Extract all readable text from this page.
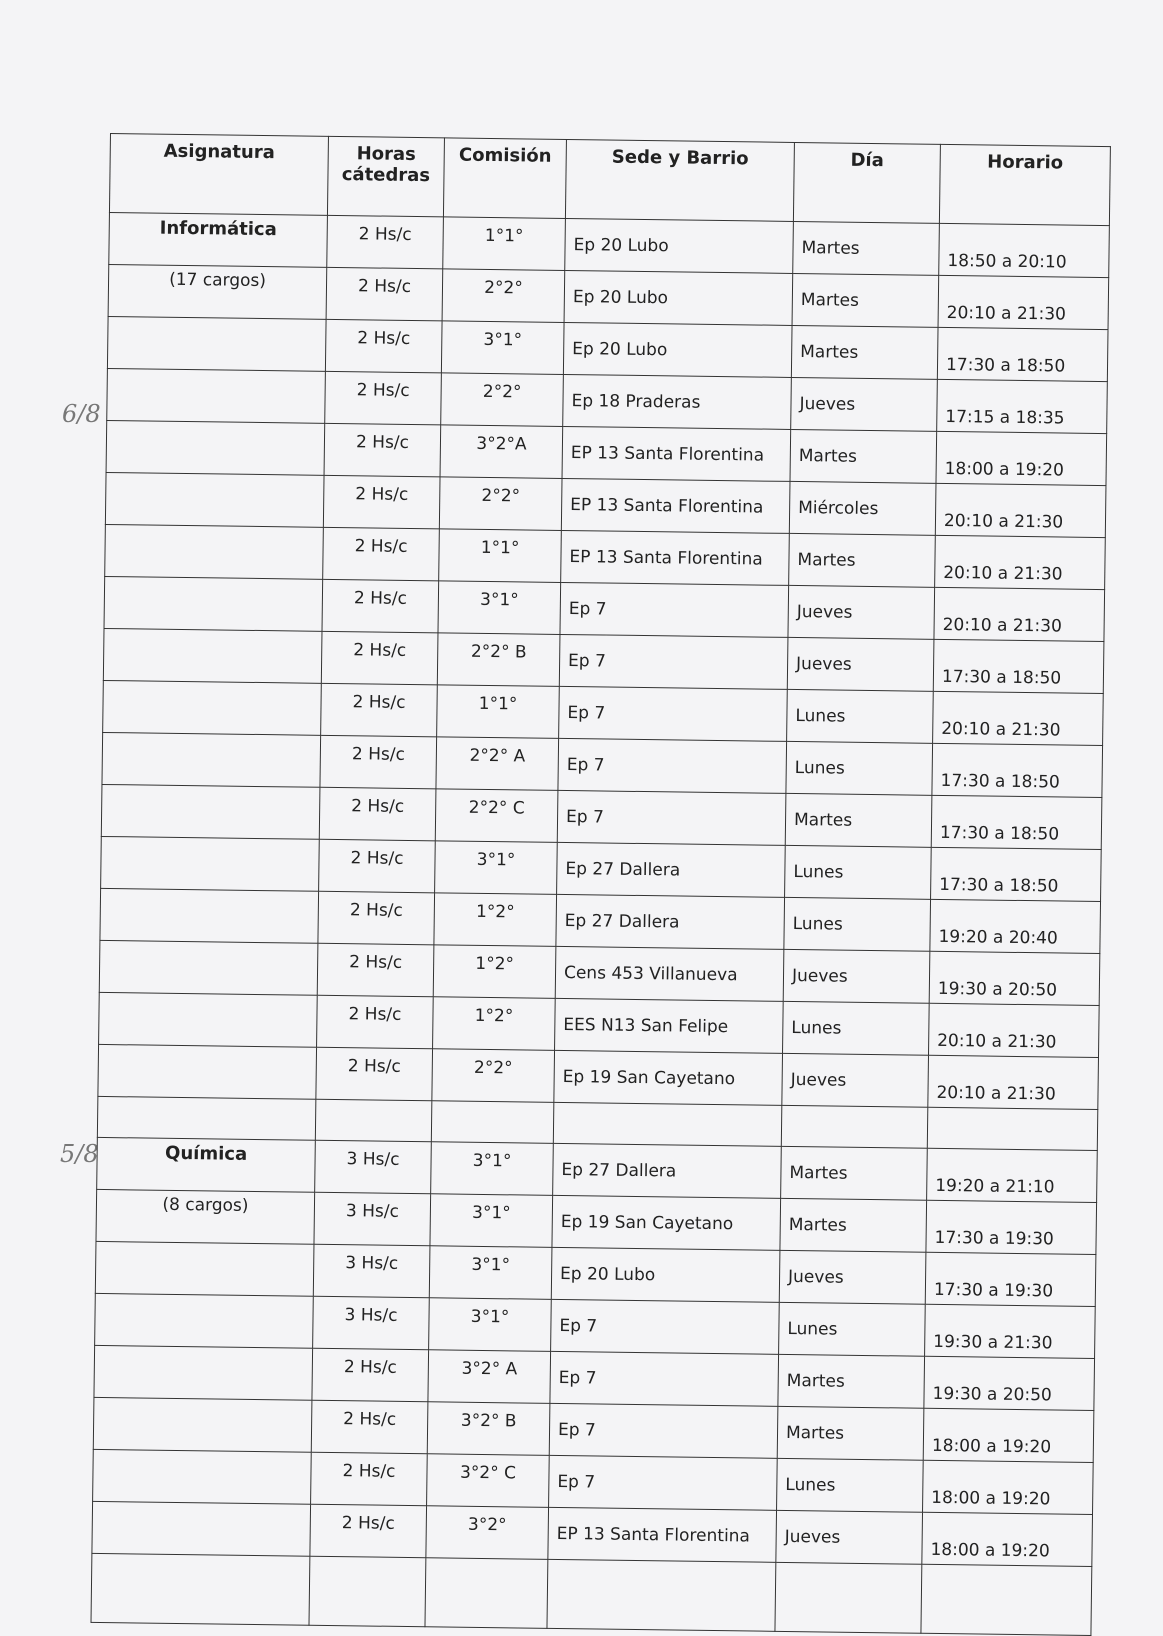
6/8
5/8
Asignatura	Horas cátedras	Comisión	Sede y Barrio	Día	Horario
Informática	2 Hs/c	1°1°	Ep 20 Lubo	Martes	18:50 a 20:10
(17 cargos)	2 Hs/c	2°2°	Ep 20 Lubo	Martes	20:10 a 21:30
	2 Hs/c	3°1°	Ep 20 Lubo	Martes	17:30 a 18:50
	2 Hs/c	2°2°	Ep 18 Praderas	Jueves	17:15 a 18:35
	2 Hs/c	3°2°A	EP 13 Santa Florentina	Martes	18:00 a 19:20
	2 Hs/c	2°2°	EP 13 Santa Florentina	Miércoles	20:10 a 21:30
	2 Hs/c	1°1°	EP 13 Santa Florentina	Martes	20:10 a 21:30
	2 Hs/c	3°1°	Ep 7	Jueves	20:10 a 21:30
	2 Hs/c	2°2° B	Ep 7	Jueves	17:30 a 18:50
	2 Hs/c	1°1°	Ep 7	Lunes	20:10 a 21:30
	2 Hs/c	2°2° A	Ep 7	Lunes	17:30 a 18:50
	2 Hs/c	2°2° C	Ep 7	Martes	17:30 a 18:50
	2 Hs/c	3°1°	Ep 27 Dallera	Lunes	17:30 a 18:50
	2 Hs/c	1°2°	Ep 27 Dallera	Lunes	19:20 a 20:40
	2 Hs/c	1°2°	Cens 453 Villanueva	Jueves	19:30 a 20:50
	2 Hs/c	1°2°	EES N13 San Felipe	Lunes	20:10 a 21:30
	2 Hs/c	2°2°	Ep 19 San Cayetano	Jueves	20:10 a 21:30

Química	3 Hs/c	3°1°	Ep 27 Dallera	Martes	19:20 a 21:10
(8 cargos)	3 Hs/c	3°1°	Ep 19 San Cayetano	Martes	17:30 a 19:30
	3 Hs/c	3°1°	Ep 20 Lubo	Jueves	17:30 a 19:30
	3 Hs/c	3°1°	Ep 7	Lunes	19:30 a 21:30
	2 Hs/c	3°2° A	Ep 7	Martes	19:30 a 20:50
	2 Hs/c	3°2° B	Ep 7	Martes	18:00 a 19:20
	2 Hs/c	3°2° C	Ep 7	Lunes	18:00 a 19:20
	2 Hs/c	3°2°	EP 13 Santa Florentina	Jueves	18:00 a 19:20
